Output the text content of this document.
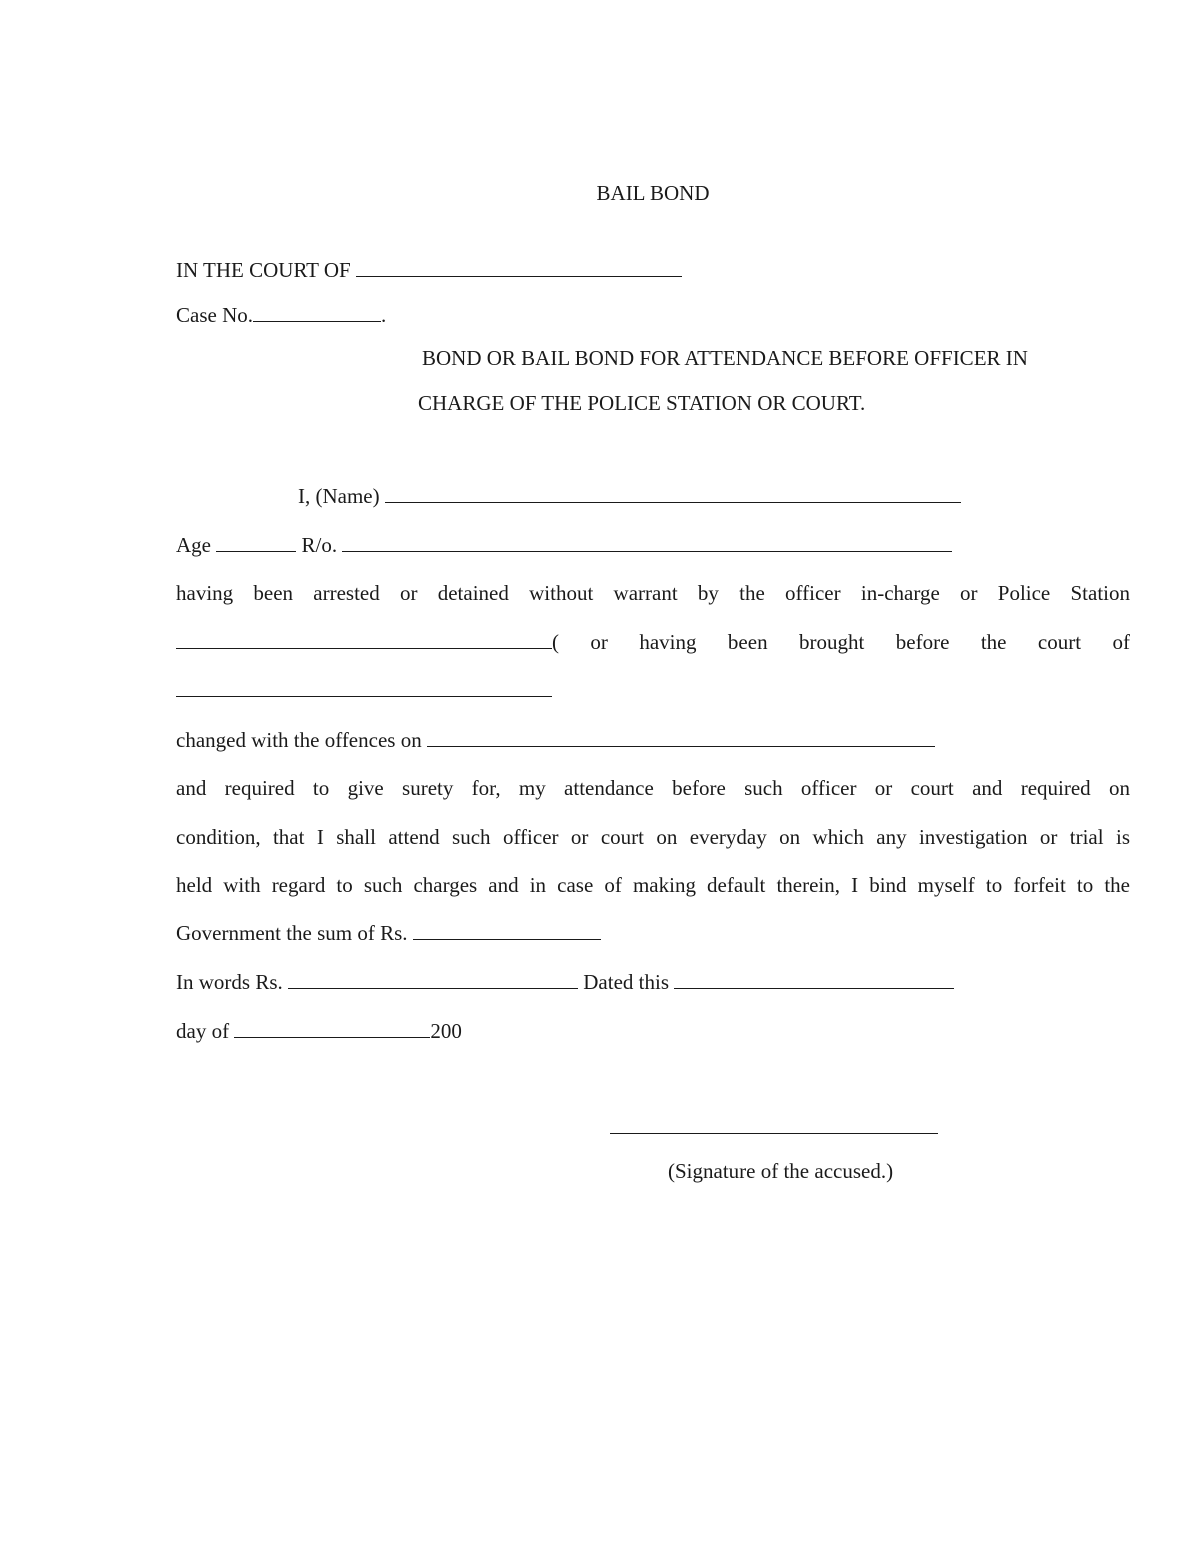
BAIL BOND
IN THE COURT OF
Case No.	.
BOND OR BAIL BOND FOR ATTENDANCE BEFORE OFFICER IN
CHARGE OF THE POLICE STATION OR COURT.
I, (Name)
Age	R/o.
having been arrested or detained without warrant by the officer in-charge or Police Station
( or having been brought before the court of
changed with the offences on
and required to give surety for, my attendance before such officer or court and required on
condition, that I shall attend such officer or court on everyday on which any investigation or trial is
held with regard to such charges and in case of making default therein, I bind myself to forfeit to the
Government the sum of Rs.
In words Rs.	Dated this
day of	200
(Signature of the accused.)
